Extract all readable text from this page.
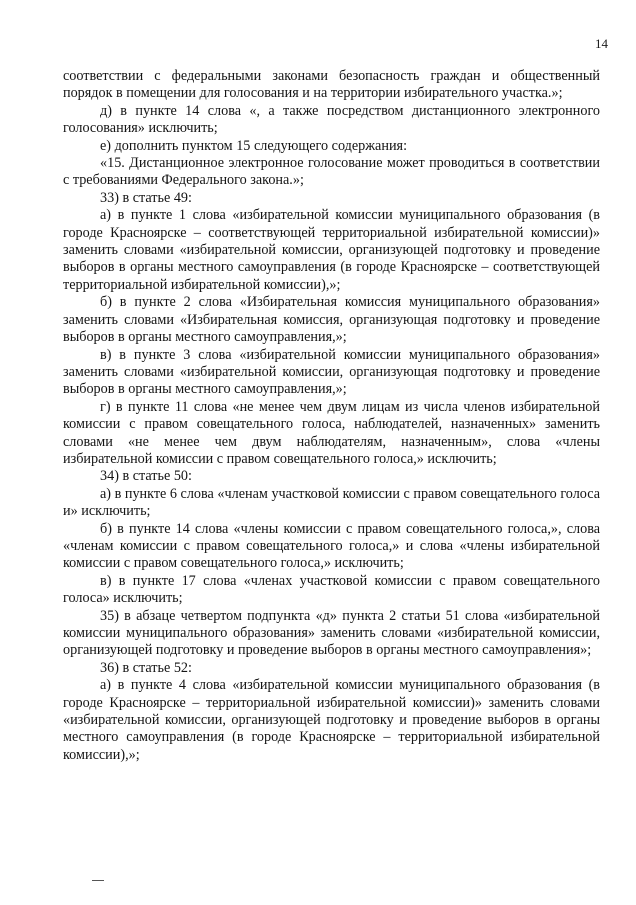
14

соответствии с федеральными законами безопасность граждан и общественный порядок в помещении для голосования и на территории избирательного участка.»;

д) в пункте 14 слова «, а также посредством дистанционного электронного голосования» исключить;

е) дополнить пунктом 15 следующего содержания:

«15. Дистанционное электронное голосование может проводиться в соответствии с требованиями Федерального закона.»;

33) в статье 49:

а) в пункте 1 слова «избирательной комиссии муниципального образования (в городе Красноярске – соответствующей территориальной избирательной комиссии)» заменить словами «избирательной комиссии, организующей подготовку и проведение выборов в органы местного самоуправления (в городе Красноярске – соответствующей территориальной избирательной комиссии),»;

б) в пункте 2 слова «Избирательная комиссия муниципального образования» заменить словами «Избирательная комиссия, организующая подготовку и проведение выборов в органы местного самоуправления,»;

в) в пункте 3 слова «избирательной комиссии муниципального образования» заменить словами «избирательной комиссии, организующая подготовку и проведение выборов в органы местного самоуправления,»;

г) в пункте 11 слова «не менее чем двум лицам из числа членов избирательной комиссии с правом совещательного голоса, наблюдателей, назначенных» заменить словами «не менее чем двум наблюдателям, назначенным», слова «члены избирательной комиссии с правом совещательного голоса,» исключить;

34) в статье 50:

а) в пункте 6 слова «членам участковой комиссии с правом совещательного голоса и» исключить;

б) в пункте 14 слова «члены комиссии с правом совещательного голоса,», слова «членам комиссии с правом совещательного голоса,» и слова «члены избирательной комиссии с правом совещательного голоса,» исключить;

в) в пункте 17 слова «членах участковой комиссии с правом совещательного голоса» исключить;

35) в абзаце четвертом подпункта «д» пункта 2 статьи 51 слова «избирательной комиссии муниципального образования» заменить словами «избирательной комиссии, организующей подготовку и проведение выборов в органы местного самоуправления»;

36) в статье 52:

а) в пункте 4 слова «избирательной комиссии муниципального образования (в городе Красноярске – территориальной избирательной комиссии)» заменить словами «избирательной комиссии, организующей подготовку и проведение выборов в органы местного самоуправления (в городе Красноярске – территориальной избирательной комиссии),»;
